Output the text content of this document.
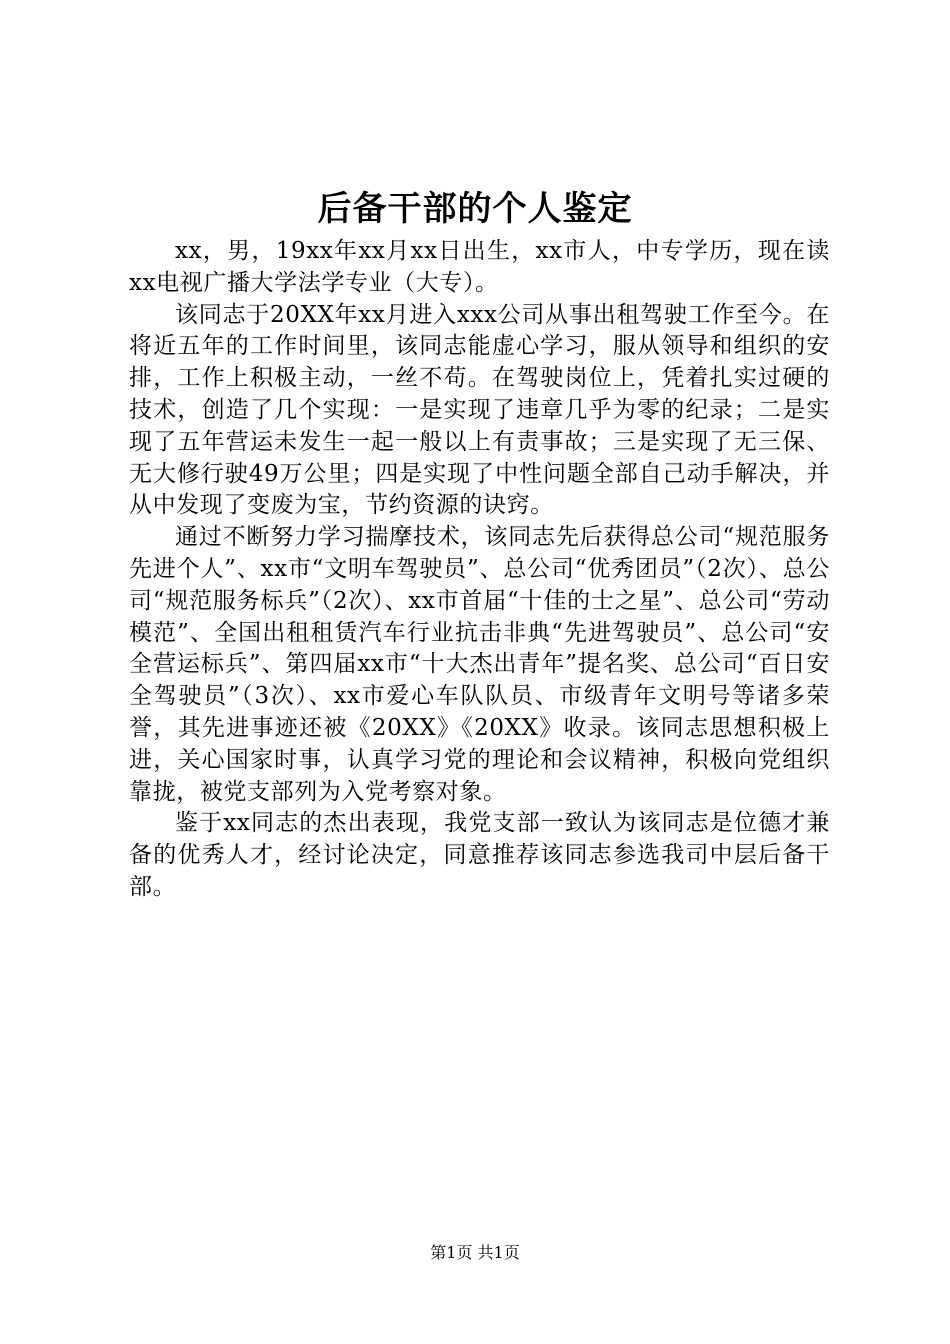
后备干部的个人鉴定

xx，男，19xx年xx月xx日出生，xx市人，中专学历，现在读xx电视广播大学法学专业（大专）。

该同志于20XX年xx月进入xxx公司从事出租驾驶工作至今。在将近五年的工作时间里，该同志能虚心学习，服从领导和组织的安排，工作上积极主动，一丝不苟。在驾驶岗位上，凭着扎实过硬的技术，创造了几个实现：一是实现了违章几乎为零的纪录；二是实现了五年营运未发生一起一般以上有责事故；三是实现了无三保、无大修行驶49万公里；四是实现了中性问题全部自己动手解决，并从中发现了变废为宝，节约资源的诀窍。

通过不断努力学习揣摩技术，该同志先后获得总公司“规范服务先进个人”、xx市“文明车驾驶员”、总公司“优秀团员”（2次）、总公司“规范服务标兵”（2次）、xx市首届“十佳的士之星”、总公司“劳动模范”、全国出租租赁汽车行业抗击非典“先进驾驶员”、总公司“安全营运标兵”、第四届xx市“十大杰出青年”提名奖、总公司“百日安全驾驶员”（3次）、xx市爱心车队队员、市级青年文明号等诸多荣誉，其先进事迹还被《20XX》《20XX》收录。该同志思想积极上进，关心国家时事，认真学习党的理论和会议精神，积极向党组织靠拢，被党支部列为入党考察对象。

鉴于xx同志的杰出表现，我党支部一致认为该同志是位德才兼备的优秀人才，经讨论决定，同意推荐该同志参选我司中层后备干部。

第1页 共1页
